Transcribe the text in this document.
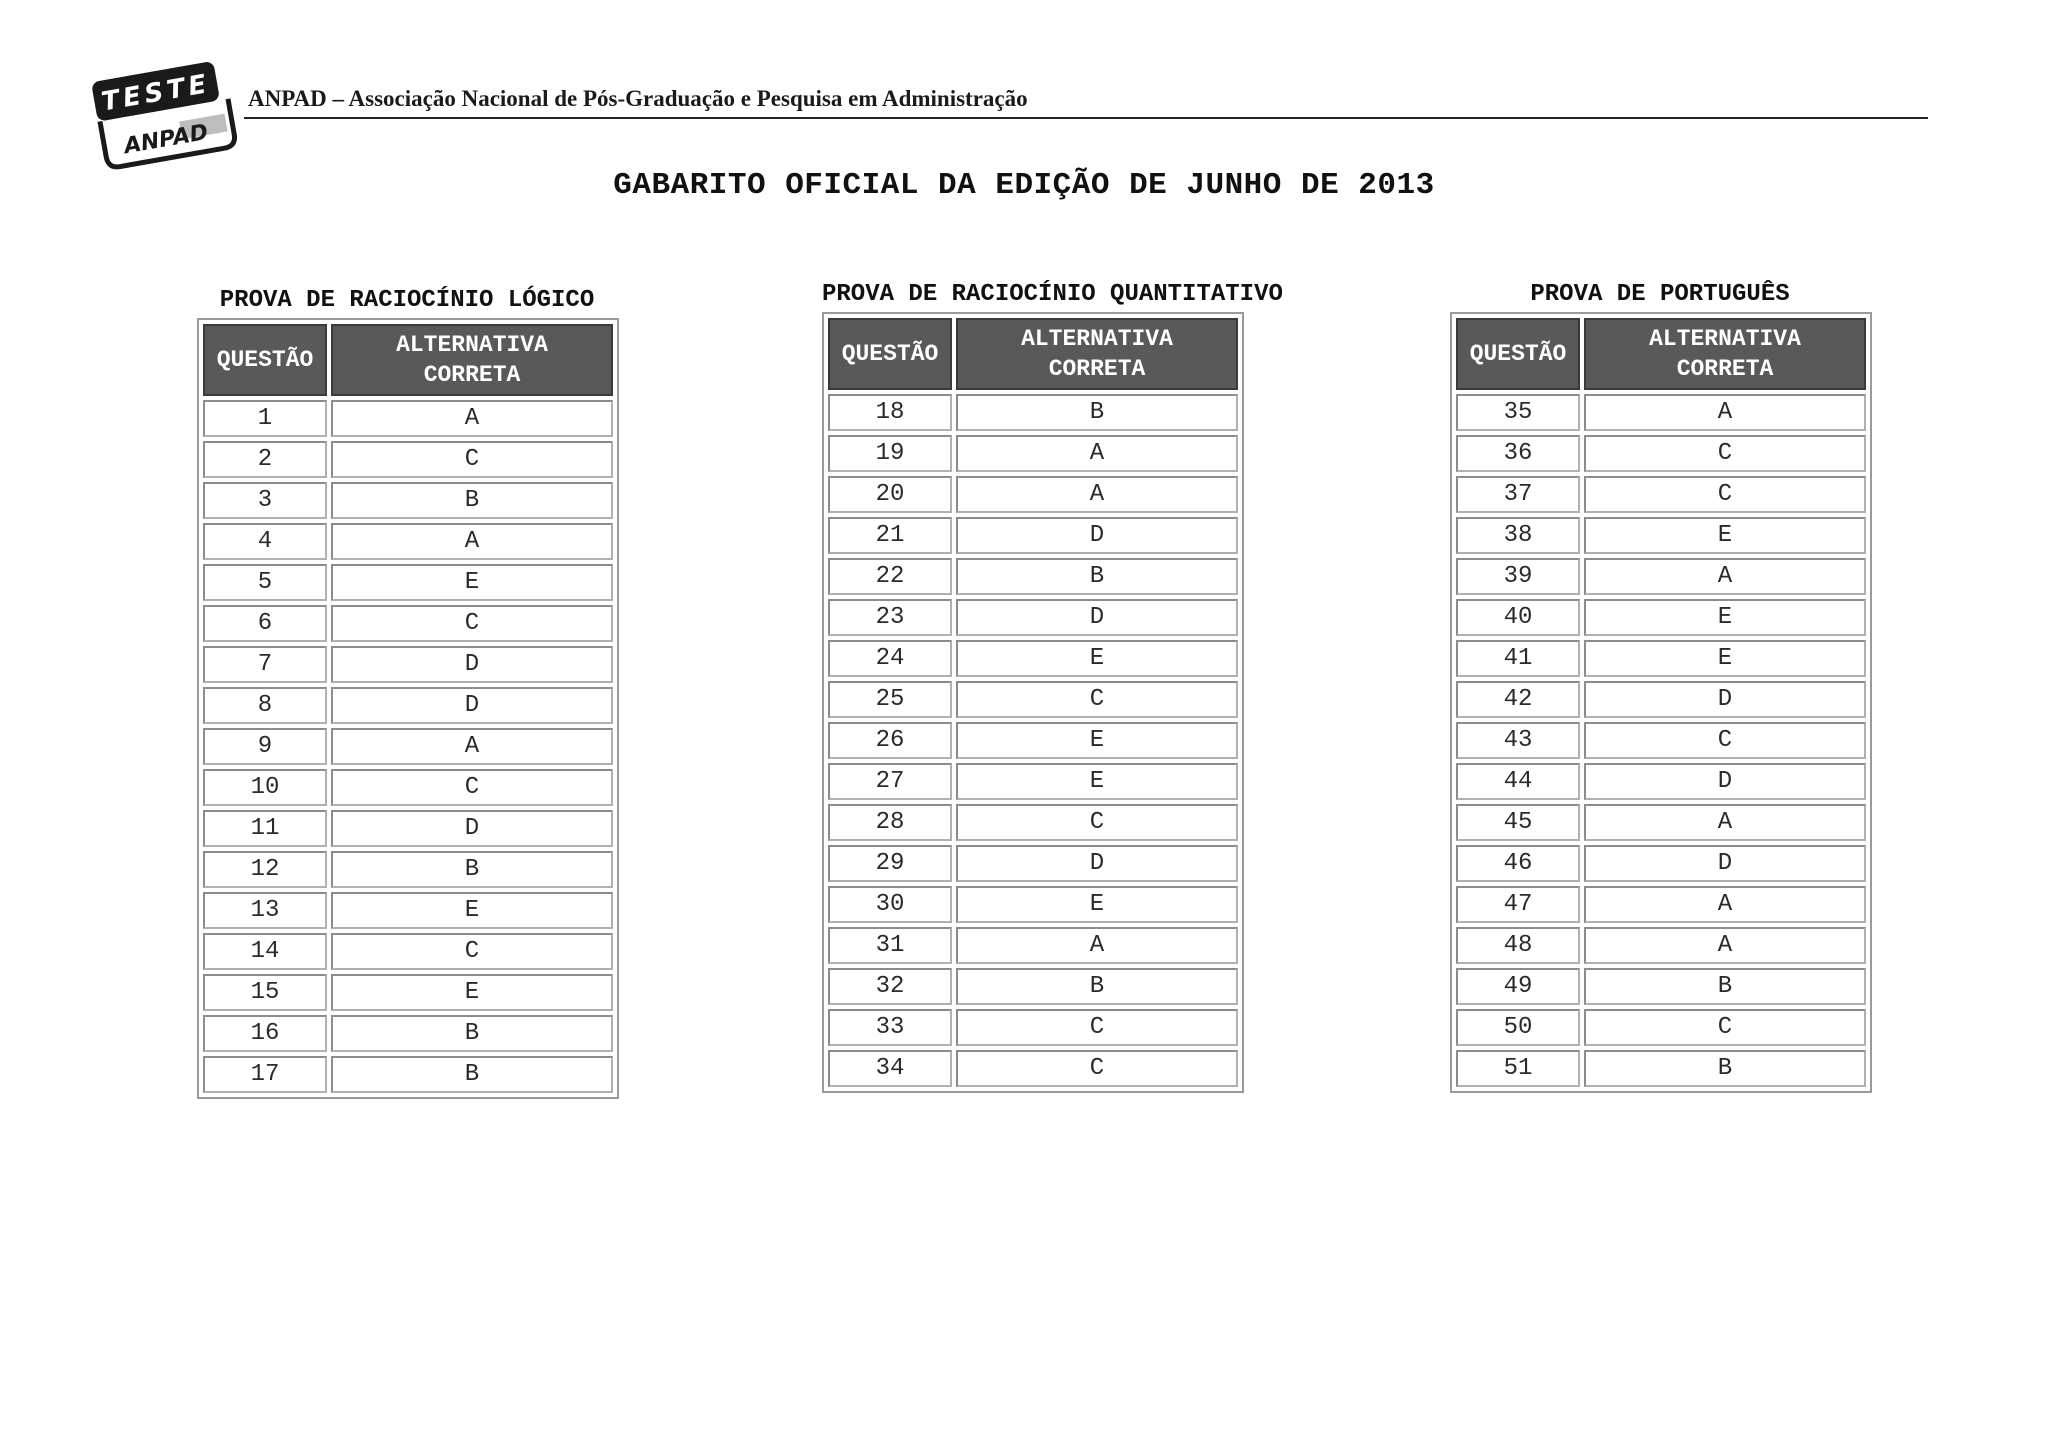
TESTE
ANPAD
ANPAD – Associação Nacional de Pós-Graduação e Pesquisa em Administração
GABARITO OFICIAL DA EDIÇÃO DE JUNHO DE 2013
PROVA DE RACIOCÍNIO LÓGICO
QUESTÃO	ALTERNATIVA
CORRETA
1	A
2	C
3	B
4	A
5	E
6	C
7	D
8	D
9	A
10	C
11	D
12	B
13	E
14	C
15	E
16	B
17	B
PROVA DE RACIOCÍNIO QUANTITATIVO
QUESTÃO	ALTERNATIVA
CORRETA
18	B
19	A
20	A
21	D
22	B
23	D
24	E
25	C
26	E
27	E
28	C
29	D
30	E
31	A
32	B
33	C
34	C
PROVA DE PORTUGUÊS
QUESTÃO	ALTERNATIVA
CORRETA
35	A
36	C
37	C
38	E
39	A
40	E
41	E
42	D
43	C
44	D
45	A
46	D
47	A
48	A
49	B
50	C
51	B
